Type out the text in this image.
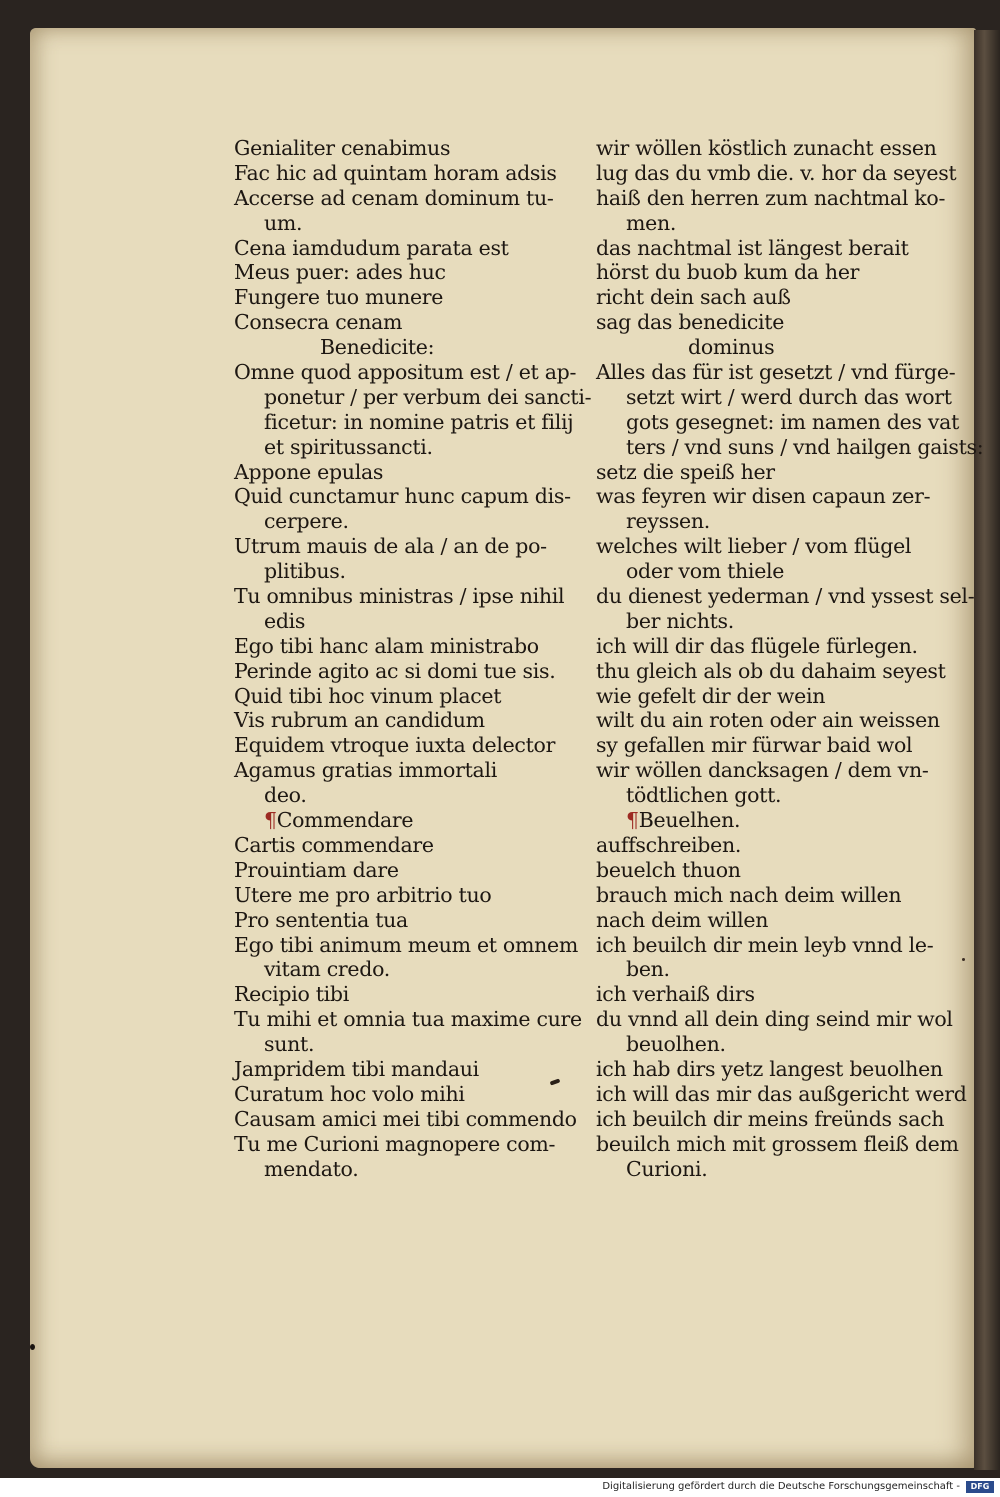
Genialiter cenabimus
Fac hic ad quintam horam adsis
Accerse ad cenam dominum tu-
um.
Cena iamdudum parata est
Meus puer: ades huc
Fungere tuo munere
Consecra cenam
Benedicite:
Omne quod appositum est / et ap-
ponetur / per verbum dei sancti-
ficetur: in nomine patris et filij
et spiritussancti.
Appone epulas
Quid cunctamur hunc capum dis-
cerpere.
Utrum mauis de ala / an de po-
plitibus.
Tu omnibus ministras / ipse nihil
edis
Ego tibi hanc alam ministrabo
Perinde agito ac si domi tue sis.
Quid tibi hoc vinum placet
Vis rubrum an candidum
Equidem vtroque iuxta delector
Agamus gratias immortali
deo.
¶Commendare
Cartis commendare
Prouintiam dare
Utere me pro arbitrio tuo
Pro sententia tua
Ego tibi animum meum et omnem
vitam credo.
Recipio tibi
Tu mihi et omnia tua maxime cure
sunt.
Jampridem tibi mandaui
Curatum hoc volo mihi
Causam amici mei tibi commendo
Tu me Curioni magnopere com-
mendato.
wir wöllen köstlich zunacht essen
lug das du vmb die. v. hor da seyest
haiß den herren zum nachtmal ko-
men.
das nachtmal ist längest berait
hörst du buob kum da her
richt dein sach auß
sag das benedicite
dominus
Alles das für ist gesetzt / vnd fürge-
setzt wirt / werd durch das wort
gots gesegnet: im namen des vat
ters / vnd suns / vnd hailgen gaists:
setz die speiß her
was feyren wir disen capaun zer-
reyssen.
welches wilt lieber / vom flügel
oder vom thiele
du dienest yederman / vnd yssest sel-
ber nichts.
ich will dir das flügele fürlegen.
thu gleich als ob du dahaim seyest
wie gefelt dir der wein
wilt du ain roten oder ain weissen
sy gefallen mir fürwar baid wol
wir wöllen dancksagen / dem vn-
tödtlichen gott.
¶Beuelhen.
auffschreiben.
beuelch thuon
brauch mich nach deim willen
nach deim willen
ich beuilch dir mein leyb vnnd le-
ben.
ich verhaiß dirs
du vnnd all dein ding seind mir wol
beuolhen.
ich hab dirs yetz langest beuolhen
ich will das mir das außgericht werd
ich beuilch dir meins freünds sach
beuilch mich mit grossem fleiß dem
Curioni.
Digitalisierung gefördert durch die Deutsche Forschungsgemeinschaft -	DFG
